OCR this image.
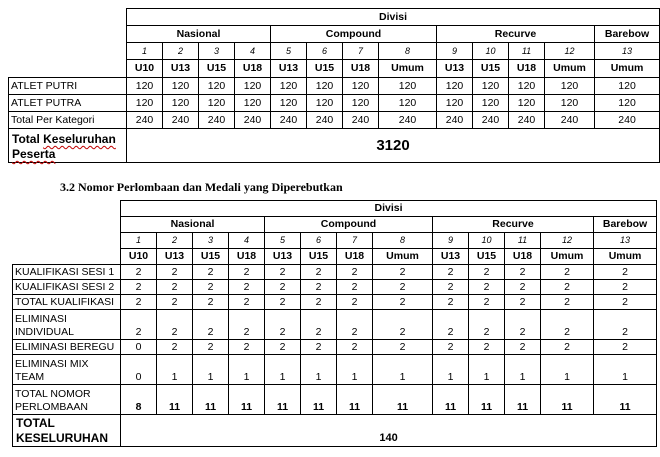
	Divisi												
	Nasional				Compound				Recurve				Barebow
	1	2	3	4	5	6	7	8	9	10	11	12	13
	U10	U13	U15	U18	U13	U15	U18	Umum	U13	U15	U18	Umum	Umum
ATLET PUTRI	120	120	120	120	120	120	120	120	120	120	120	120	120
ATLET PUTRA	120	120	120	120	120	120	120	120	120	120	120	120	120
Total Per Kategori	240	240	240	240	240	240	240	240	240	240	240	240	240
Total Keseluruhan Peserta	3120												
3.2 Nomor Perlombaan dan Medali yang Diperebutkan
	Divisi												
	Nasional				Compound				Recurve				Barebow
	1	2	3	4	5	6	7	8	9	10	11	12	13
	U10	U13	U15	U18	U13	U15	U18	Umum	U13	U15	U18	Umum	Umum
KUALIFIKASI SESI 1	2	2	2	2	2	2	2	2	2	2	2	2	2
KUALIFIKASI SESI 2	2	2	2	2	2	2	2	2	2	2	2	2	2
TOTAL KUALIFIKASI	2	2	2	2	2	2	2	2	2	2	2	2	2
ELIMINASI
INDIVIDUAL	2	2	2	2	2	2	2	2	2	2	2	2	2
ELIMINASI BEREGU	0	2	2	2	2	2	2	2	2	2	2	2	2
ELIMINASI MIX
TEAM	0	1	1	1	1	1	1	1	1	1	1	1	1
TOTAL NOMOR
PERLOMBAAN	8	11	11	11	11	11	11	11	11	11	11	11	11
TOTAL
KESELURUHAN	140												
